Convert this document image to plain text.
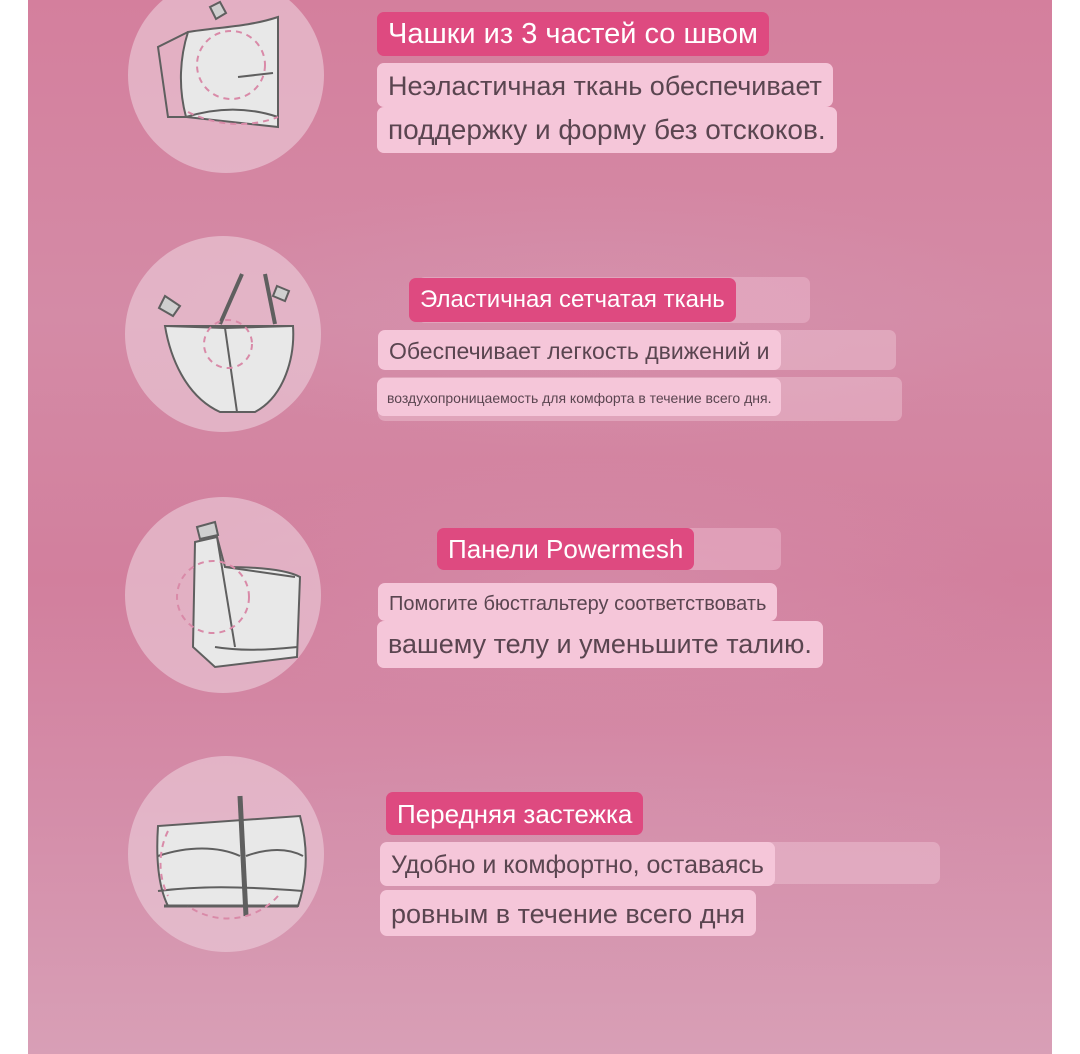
Чашки из 3 частей со швом
Неэластичная ткань обеспечивает
поддержку и форму без отскоков.
Эластичная сетчатая ткань
Обеспечивает легкость движений и
воздухопроницаемость для комфорта в течение всего дня.
Панели Powermesh
Помогите бюстгальтеру соответствовать
вашему телу и уменьшите талию.
Передняя застежка
Удобно и комфортно, оставаясь
ровным в течение всего дня
